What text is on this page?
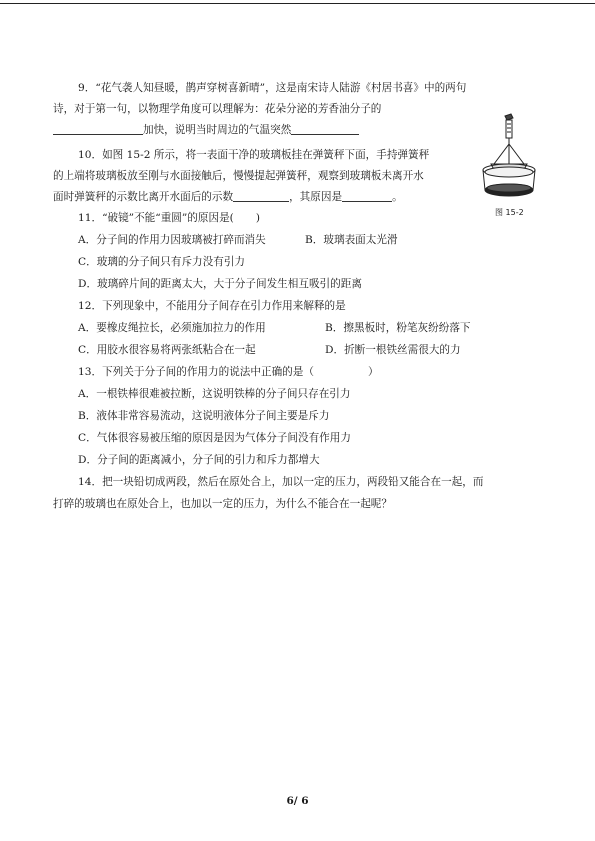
9．“花气袭人知昼暖，鹊声穿树喜新晴”，这是南宋诗人陆游《村居书喜》中的两句
诗，对于第一句，以物理学角度可以理解为：花朵分泌的芳香油分子的
加快，说明当时周边的气温突然
图 15-2
10．如图 15-2 所示，将一表面干净的玻璃板挂在弹簧秤下面，手持弹簧秤
的上端将玻璃板放至刚与水面接触后，慢慢提起弹簧秤，观察到玻璃板未离开水
面时弹簧秤的示数比离开水面后的示数	，其原因是	。
11．“破镜”不能“重圆”的原因是( )
A．分子间的作用力因玻璃被打碎而消失	B．玻璃表面太光滑
C．玻璃的分子间只有斥力没有引力
D．玻璃碎片间的距离太大，大于分子间发生相互吸引的距离
12．下列现象中，不能用分子间存在引力作用来解释的是
A．要橡皮绳拉长，必须施加拉力的作用	B．擦黑板时，粉笔灰纷纷落下
C．用胶水很容易将两张纸粘合在一起	D．折断一根铁丝需很大的力
13．下列关于分子间的作用力的说法中正确的是（	）
A．一根铁棒很难被拉断，这说明铁棒的分子间只存在引力
B．液体非常容易流动，这说明液体分子间主要是斥力
C．气体很容易被压缩的原因是因为气体分子间没有作用力
D．分子间的距离减小，分子间的引力和斥力都增大
14．把一块铅切成两段，然后在原处合上，加以一定的压力，两段铅又能合在一起，而
打碎的玻璃也在原处合上，也加以一定的压力，为什么不能合在一起呢？
6/ 6
